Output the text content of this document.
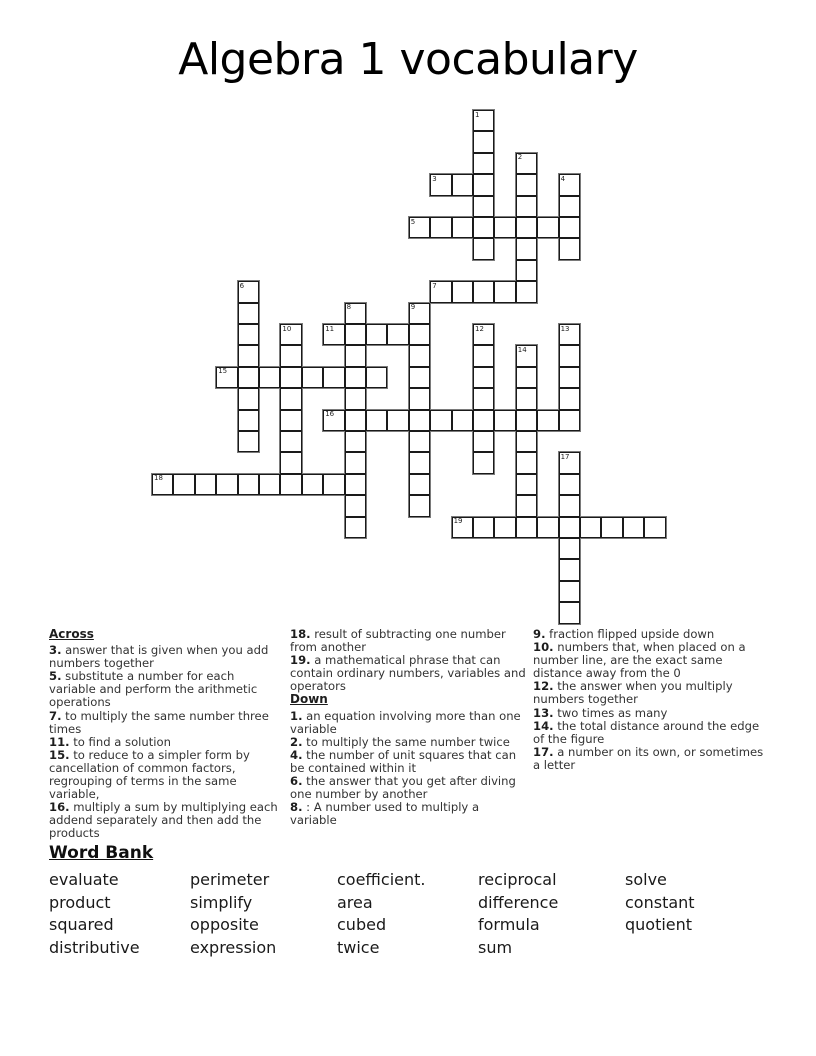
Algebra 1 vocabulary
1
2
3	4
5
6	7
8	9
10	11	12	13
14
15
16
17
18
19
Across
3. answer that is given when you add numbers together
5. substitute a number for each variable and perform the arithmetic operations
7. to multiply the same number three times
11. to find a solution
15. to reduce to a simpler form by cancellation of common factors, regrouping of terms in the same variable,
16. multiply a sum by multiplying each addend separately and then add the products
18. result of subtracting one number from another
19. a mathematical phrase that can contain ordinary numbers, variables and operators
Down
1. an equation involving more than one variable
2. to multiply the same number twice
4. the number of unit squares that can be contained within it
6. the answer that you get after diving one number by another
8. : A number used to multiply a variable
9. fraction flipped upside down
10. numbers that, when placed on a number line, are the exact same distance away from the 0
12. the answer when you multiply numbers together
13. two times as many
14. the total distance around the edge of the figure
17. a number on its own, or sometimes a letter
Word Bank
evaluate	perimeter	coefficient.	reciprocal	solve
product	simplify	area	difference	constant
squared	opposite	cubed	formula	quotient
distributive	expression	twice	sum
